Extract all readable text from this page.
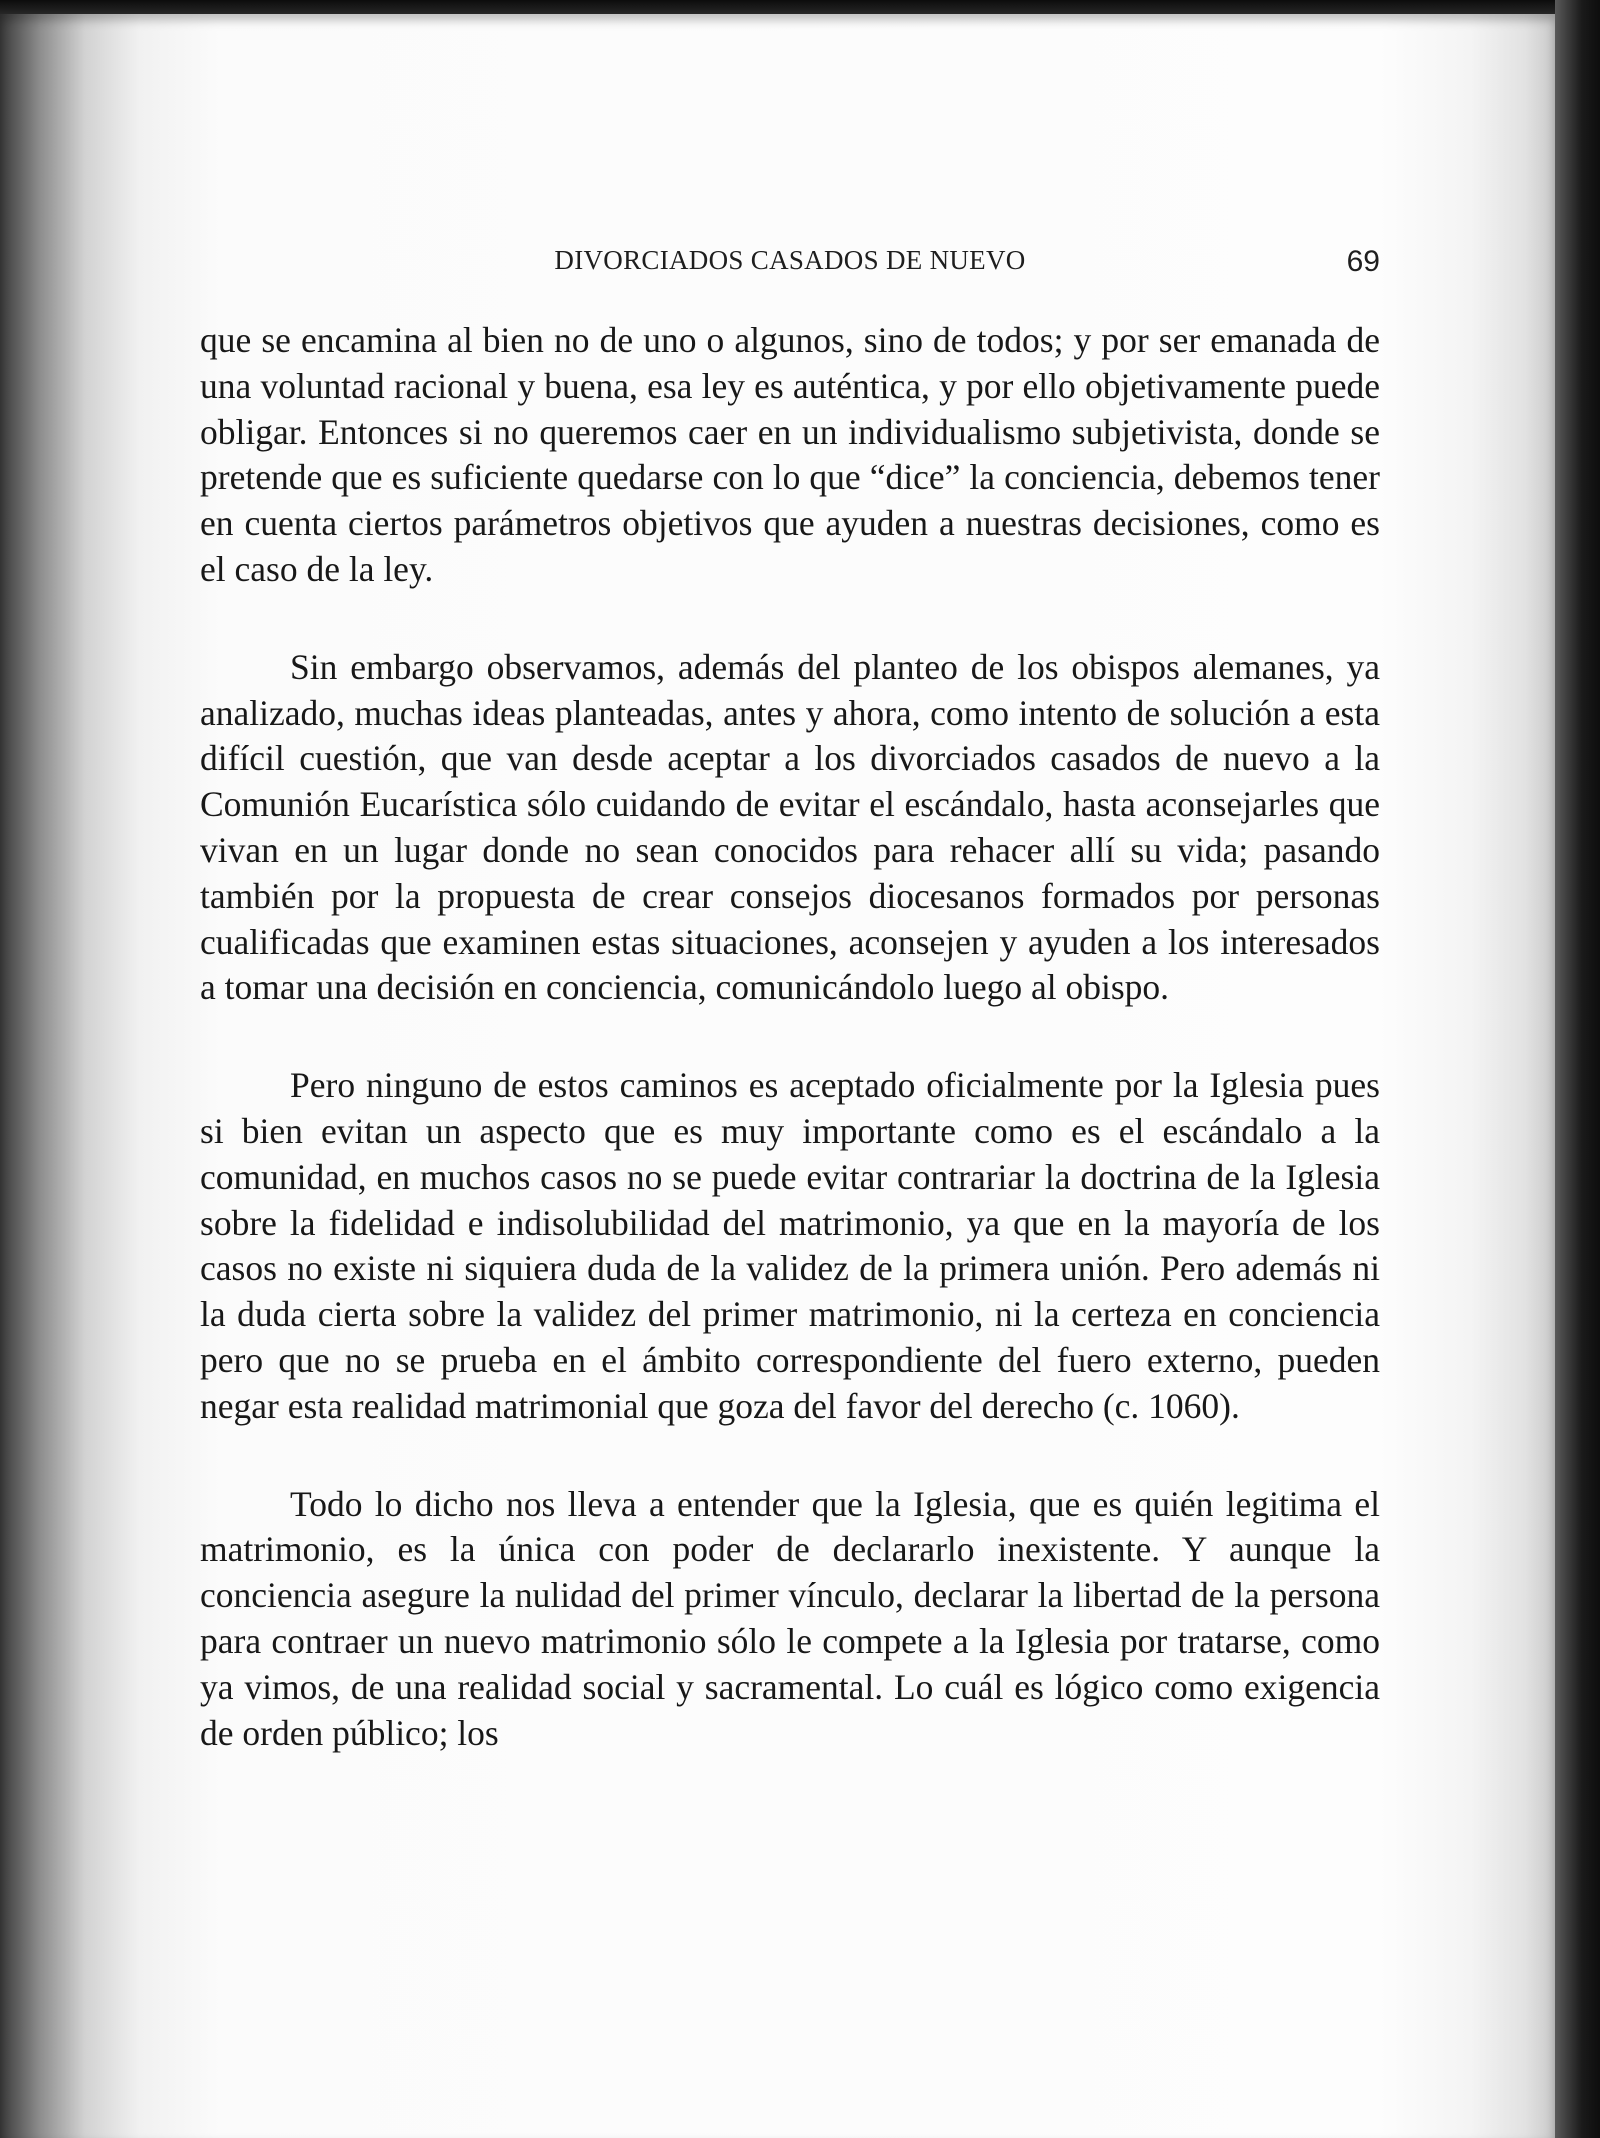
DIVORCIADOS CASADOS DE NUEVO	69

que se encamina al bien no de uno o algunos, sino de todos; y por ser emanada de una voluntad racional y buena, esa ley es auténtica, y por ello objetivamente puede obligar. Entonces si no queremos caer en un individualismo subjetivista, donde se pretende que es suficiente quedarse con lo que “dice” la conciencia, debemos tener en cuenta ciertos parámetros objetivos que ayuden a nuestras decisiones, como es el caso de la ley.

Sin embargo observamos, además del planteo de los obispos alemanes, ya analizado, muchas ideas planteadas, antes y ahora, como intento de solución a esta difícil cuestión, que van desde aceptar a los divorciados casados de nuevo a la Comunión Eucarística sólo cuidando de evitar el escándalo, hasta aconsejarles que vivan en un lugar donde no sean conocidos para rehacer allí su vida; pasando también por la propuesta de crear consejos diocesanos formados por personas cualificadas que examinen estas situaciones, aconsejen y ayuden a los interesados a tomar una decisión en conciencia, comunicándolo luego al obispo.

Pero ninguno de estos caminos es aceptado oficialmente por la Iglesia pues si bien evitan un aspecto que es muy importante como es el escándalo a la comunidad, en muchos casos no se puede evitar contrariar la doctrina de la Iglesia sobre la fidelidad e indisolubilidad del matrimonio, ya que en la mayoría de los casos no existe ni siquiera duda de la validez de la primera unión. Pero además ni la duda cierta sobre la validez del primer matrimonio, ni la certeza en conciencia pero que no se prueba en el ámbito correspondiente del fuero externo, pueden negar esta realidad matrimonial que goza del favor del derecho (c. 1060).

Todo lo dicho nos lleva a entender que la Iglesia, que es quién legitima el matrimonio, es la única con poder de declararlo inexistente. Y aunque la conciencia asegure la nulidad del primer vínculo, declarar la libertad de la persona para contraer un nuevo matrimonio sólo le compete a la Iglesia por tratarse, como ya vimos, de una realidad social y sacramental. Lo cuál es lógico como exigencia de orden público; los
